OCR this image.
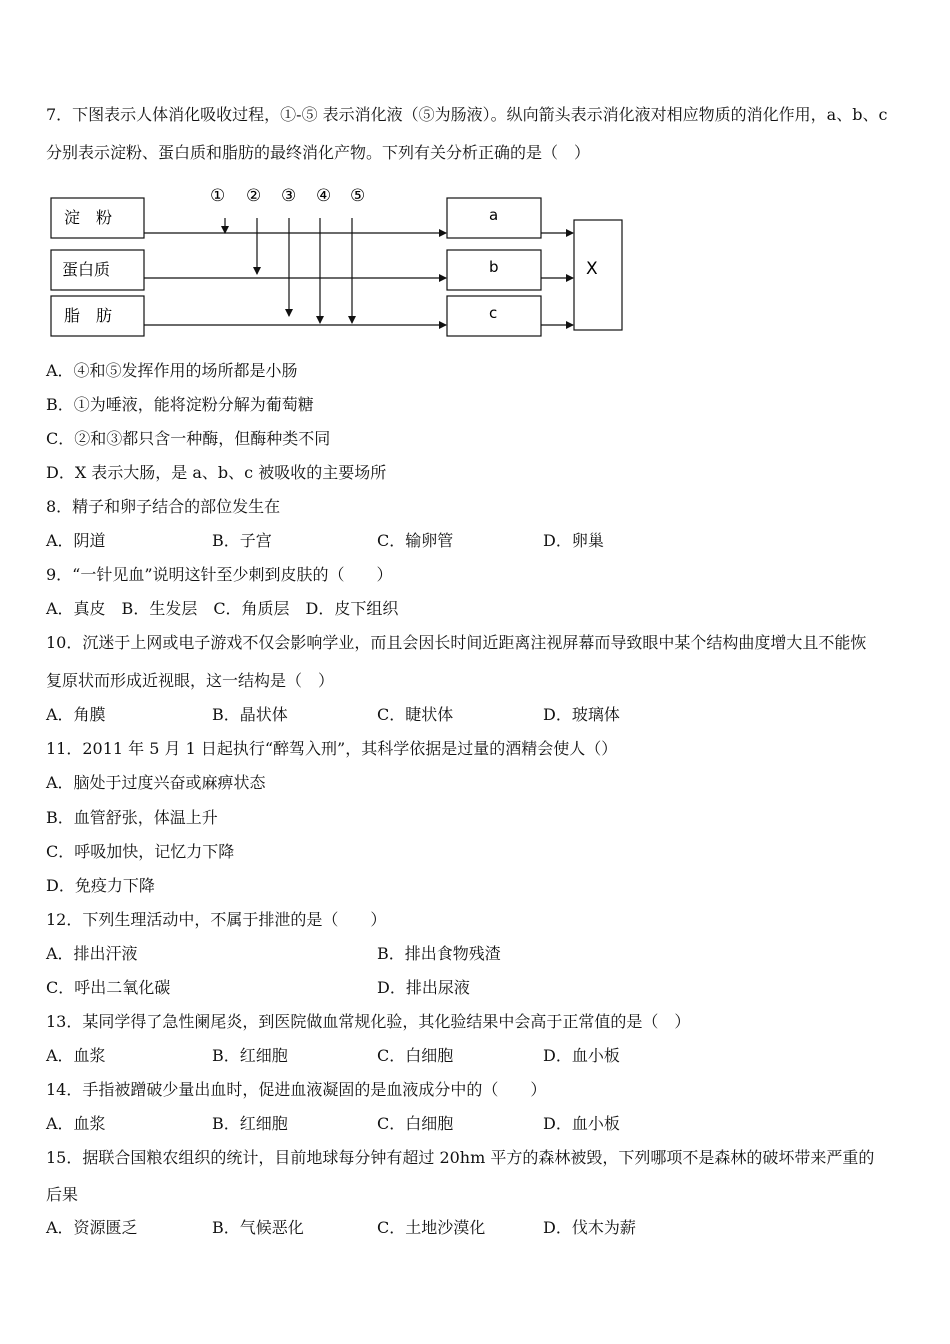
7．下图表示人体消化吸收过程，①-⑤ 表示消化液（⑤为肠液）。纵向箭头表示消化液对相应物质的消化作用，a、b、c
分别表示淀粉、蛋白质和脂肪的最终消化产物。下列有关分析正确的是（　）
淀　粉
蛋白质
脂　肪
① ② ③ ④ ⑤
a
b
c
X
A．④和⑤发挥作用的场所都是小肠
B．①为唾液，能将淀粉分解为葡萄糖
C．②和③都只含一种酶，但酶种类不同
D．X 表示大肠，是 a、b、c 被吸收的主要场所
8．精子和卵子结合的部位发生在
A．阴道	B．子宫	C．输卵管	D．卵巢
9．“一针见血”说明这针至少刺到皮肤的（　　）
A．真皮　B．生发层　C．角质层　D．皮下组织
10．沉迷于上网或电子游戏不仅会影响学业，而且会因长时间近距离注视屏幕而导致眼中某个结构曲度增大且不能恢
复原状而形成近视眼，这一结构是（　）
A．角膜	B．晶状体	C．睫状体	D．玻璃体
11．2011 年 5 月 1 日起执行“醉驾入刑”，其科学依据是过量的酒精会使人（）
A．脑处于过度兴奋或麻痹状态
B．血管舒张，体温上升
C．呼吸加快，记忆力下降
D．免疫力下降
12．下列生理活动中，不属于排泄的是（　　）
A．排出汗液	B．排出食物残渣
C．呼出二氧化碳	D．排出尿液
13．某同学得了急性阑尾炎，到医院做血常规化验，其化验结果中会高于正常值的是（　）
A．血浆	B．红细胞	C．白细胞	D．血小板
14．手指被蹭破少量出血时，促进血液凝固的是血液成分中的（　　）
A．血浆	B．红细胞	C．白细胞	D．血小板
15．据联合国粮农组织的统计，目前地球每分钟有超过 20hm 平方的森林被毁，下列哪项不是森林的破坏带来严重的
后果
A．资源匮乏	B．气候恶化	C．土地沙漠化	D．伐木为薪
